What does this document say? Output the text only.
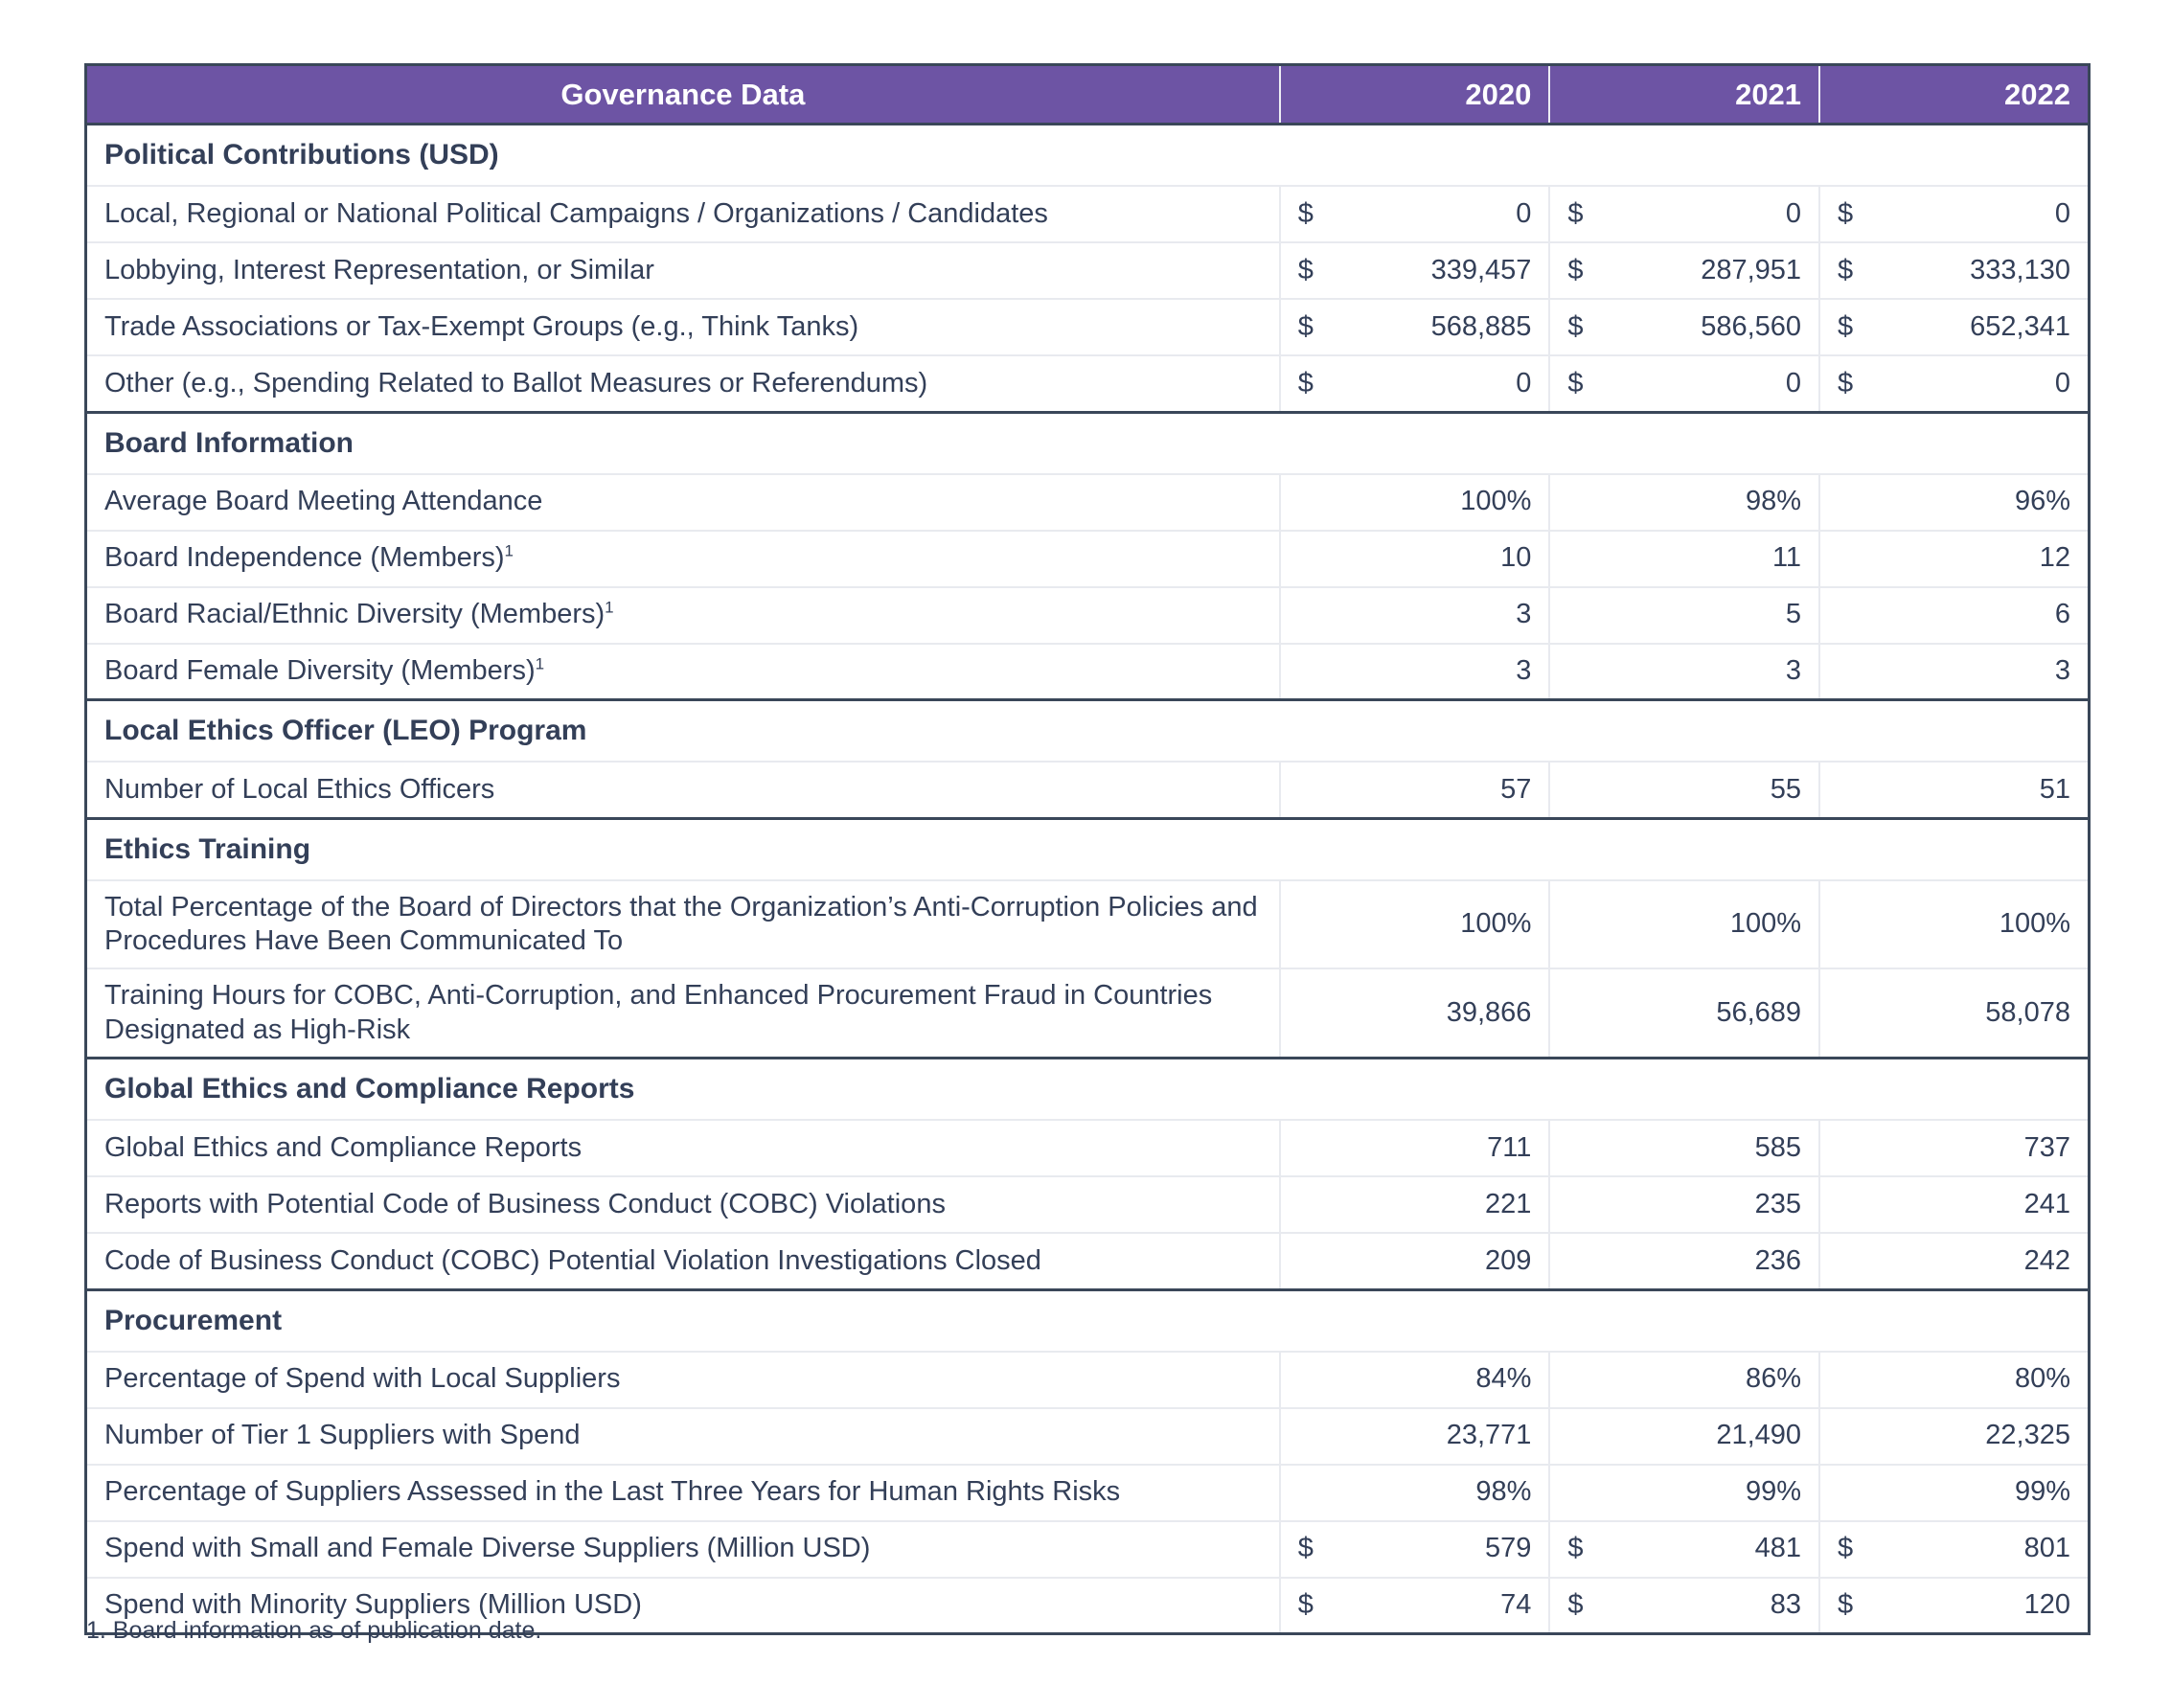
Governance Data	2020	2021	2022
Political Contributions (USD)			
Local, Regional or National Political Campaigns / Organizations / Candidates	$ 0	$ 0	$ 0
Lobbying, Interest Representation, or Similar	$ 339,457	$ 287,951	$ 333,130
Trade Associations or Tax-Exempt Groups (e.g., Think Tanks)	$ 568,885	$ 586,560	$ 652,341
Other (e.g., Spending Related to Ballot Measures or Referendums)	$ 0	$ 0	$ 0
Board Information			
Average Board Meeting Attendance	100%	98%	96%
Board Independence (Members)$^1$	10	11	12
Board Racial/Ethnic Diversity (Members)$^1$	3	5	6
Board Female Diversity (Members)$^1$	3	3	3
Local Ethics Officer (LEO) Program			
Number of Local Ethics Officers	57	55	51
Ethics Training			
Total Percentage of the Board of Directors that the Organization’s Anti-Corruption Policies and Procedures Have Been Communicated To	100%	100%	100%
Training Hours for COBC, Anti-Corruption, and Enhanced Procurement Fraud in Countries Designated as High-Risk	39,866	56,689	58,078
Global Ethics and Compliance Reports			
Global Ethics and Compliance Reports	711	585	737
Reports with Potential Code of Business Conduct (COBC) Violations	221	235	241
Code of Business Conduct (COBC) Potential Violation Investigations Closed	209	236	242
Procurement			
Percentage of Spend with Local Suppliers	84%	86%	80%
Number of Tier 1 Suppliers with Spend	23,771	21,490	22,325
Percentage of Suppliers Assessed in the Last Three Years for Human Rights Risks	98%	99%	99%
Spend with Small and Female Diverse Suppliers (Million USD)	$ 579	$ 481	$ 801
Spend with Minority Suppliers (Million USD)	$ 74	$ 83	$ 120
1. Board information as of publication date.
